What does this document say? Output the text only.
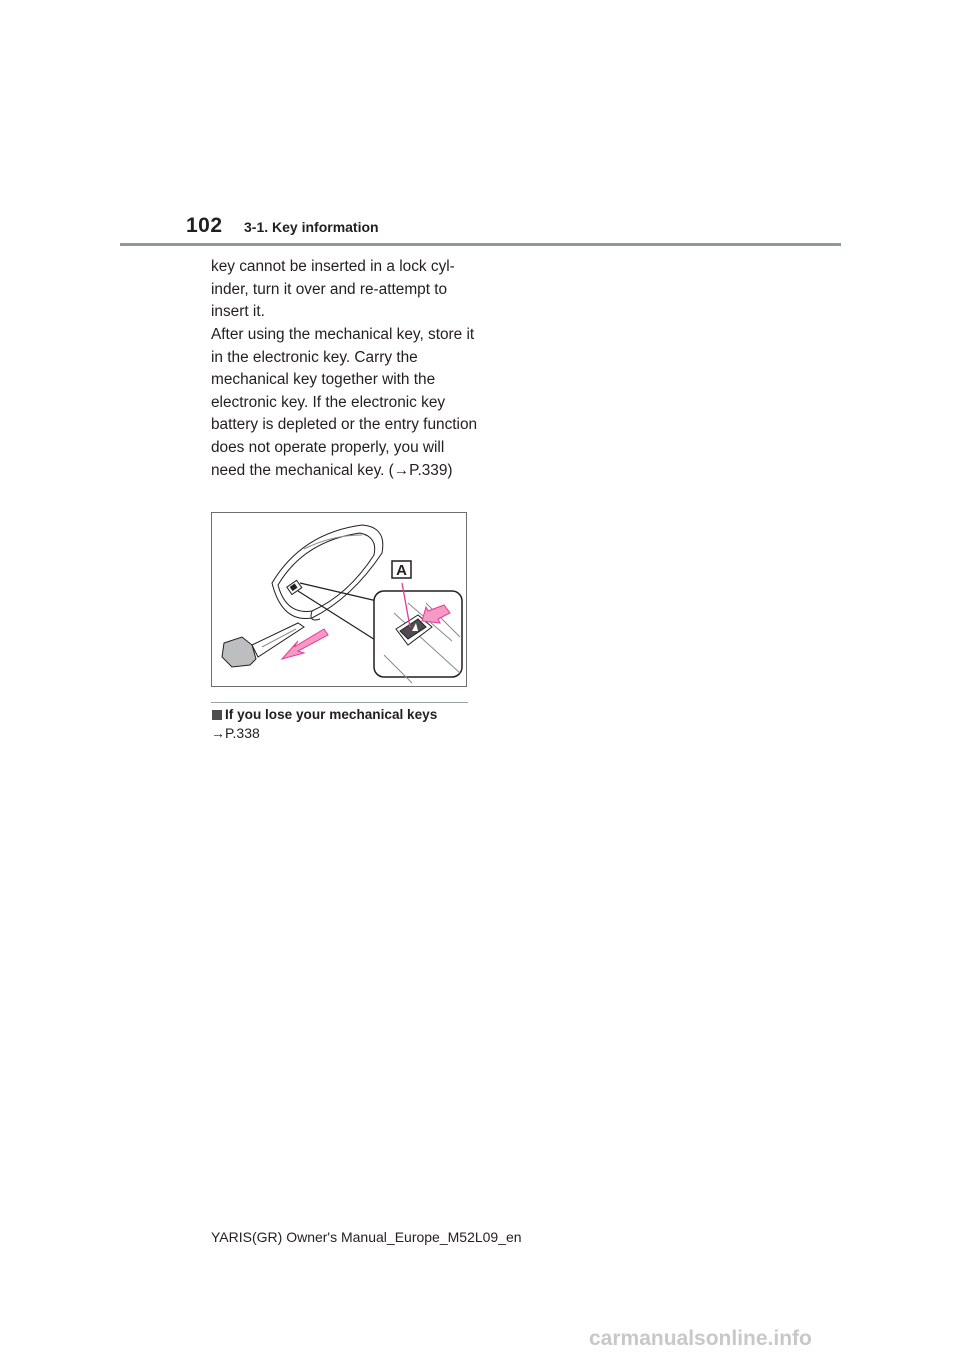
102 3-1. Key information

key cannot be inserted in a lock cyl-inder, turn it over and re-attempt to insert it.

After using the mechanical key, store it in the electronic key. Carry the mechanical key together with the electronic key. If the electronic key battery is depleted or the entry function does not operate properly, you will need the mechanical key. (→P.339)

A
If you lose your mechanical keys
→P.338
YARIS(GR) Owner's Manual_Europe_M52L09_en
carmanualsonline.info
